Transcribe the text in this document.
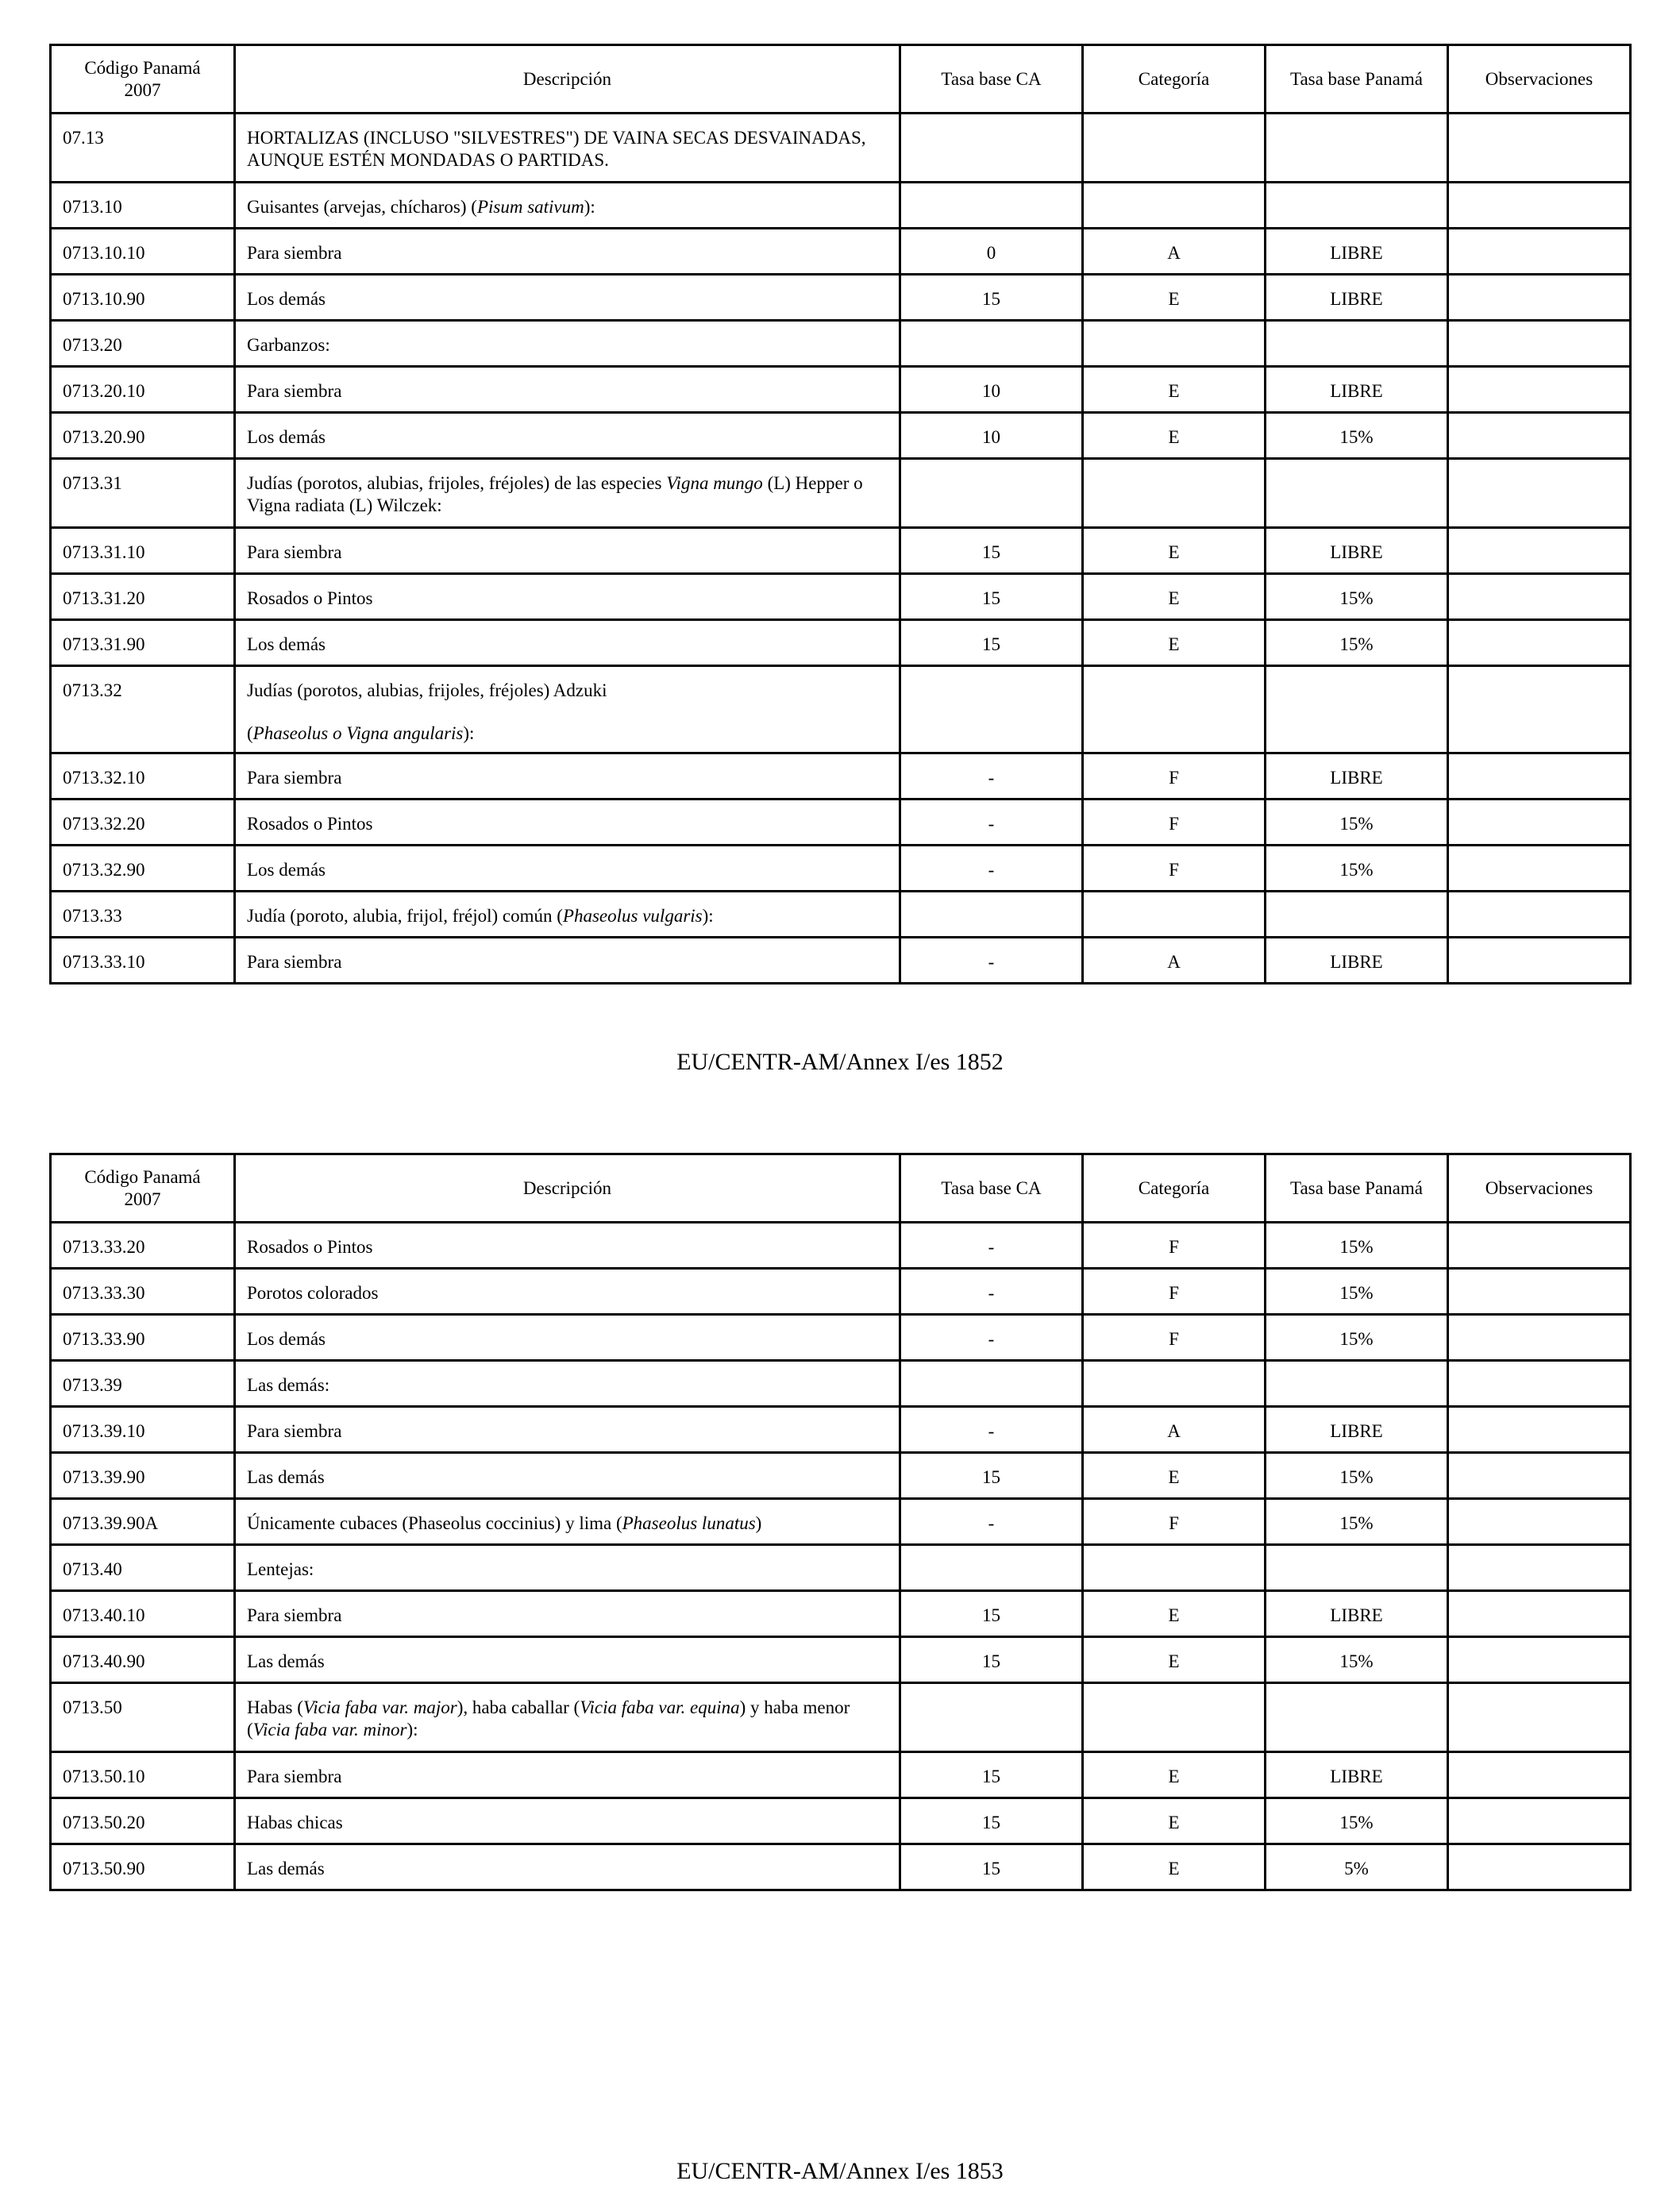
Código Panamá 2007	Descripción	Tasa base CA	Categoría	Tasa base Panamá	Observaciones
07.13	HORTALIZAS (INCLUSO "SILVESTRES") DE VAINA SECAS DESVAINADAS, AUNQUE ESTÉN MONDADAS O PARTIDAS.				

0713.10	Guisantes (arvejas, chícharos) (Pisum sativum):				

0713.10.10	Para siembra	0	A	LIBRE	
0713.10.90	Los demás	15	E	LIBRE	
0713.20	Garbanzos:				

0713.20.10	Para siembra	10	E	LIBRE	
0713.20.90	Los demás	10	E	15%	
0713.31	Judías (porotos, alubias, frijoles, fréjoles) de las especies Vigna mungo (L) Hepper o Vigna radiata (L) Wilczek:				

0713.31.10	Para siembra	15	E	LIBRE	
0713.31.20	Rosados o Pintos	15	E	15%	
0713.31.90	Los demás	15	E	15%	
0713.32	Judías (porotos, alubias, frijoles, fréjoles) Adzuki
(Phaseolus o Vigna angularis):				

0713.32.10	Para siembra	-	F	LIBRE	
0713.32.20	Rosados o Pintos	-	F	15%	
0713.32.90	Los demás	-	F	15%	
0713.33	Judía (poroto, alubia, frijol, fréjol) común (Phaseolus vulgaris):				

0713.33.10	Para siembra	-	A	LIBRE	
EU/CENTR-AM/Annex I/es 1852
Código Panamá 2007	Descripción	Tasa base CA	Categoría	Tasa base Panamá	Observaciones
0713.33.20	Rosados o Pintos	-	F	15%	
0713.33.30	Porotos colorados	-	F	15%	
0713.33.90	Los demás	-	F	15%	
0713.39	Las demás:				

0713.39.10	Para siembra	-	A	LIBRE	
0713.39.90	Las demás	15	E	15%	
0713.39.90A	Únicamente cubaces (Phaseolus coccinius) y lima (Phaseolus lunatus)	-	F	15%	
0713.40	Lentejas:				

0713.40.10	Para siembra	15	E	LIBRE	
0713.40.90	Las demás	15	E	15%	
0713.50	Habas (Vicia faba var. major), haba caballar (Vicia faba var. equina) y haba menor (Vicia faba var. minor):				

0713.50.10	Para siembra	15	E	LIBRE	
0713.50.20	Habas chicas	15	E	15%	
0713.50.90	Las demás	15	E	5%	
EU/CENTR-AM/Annex I/es 1853
